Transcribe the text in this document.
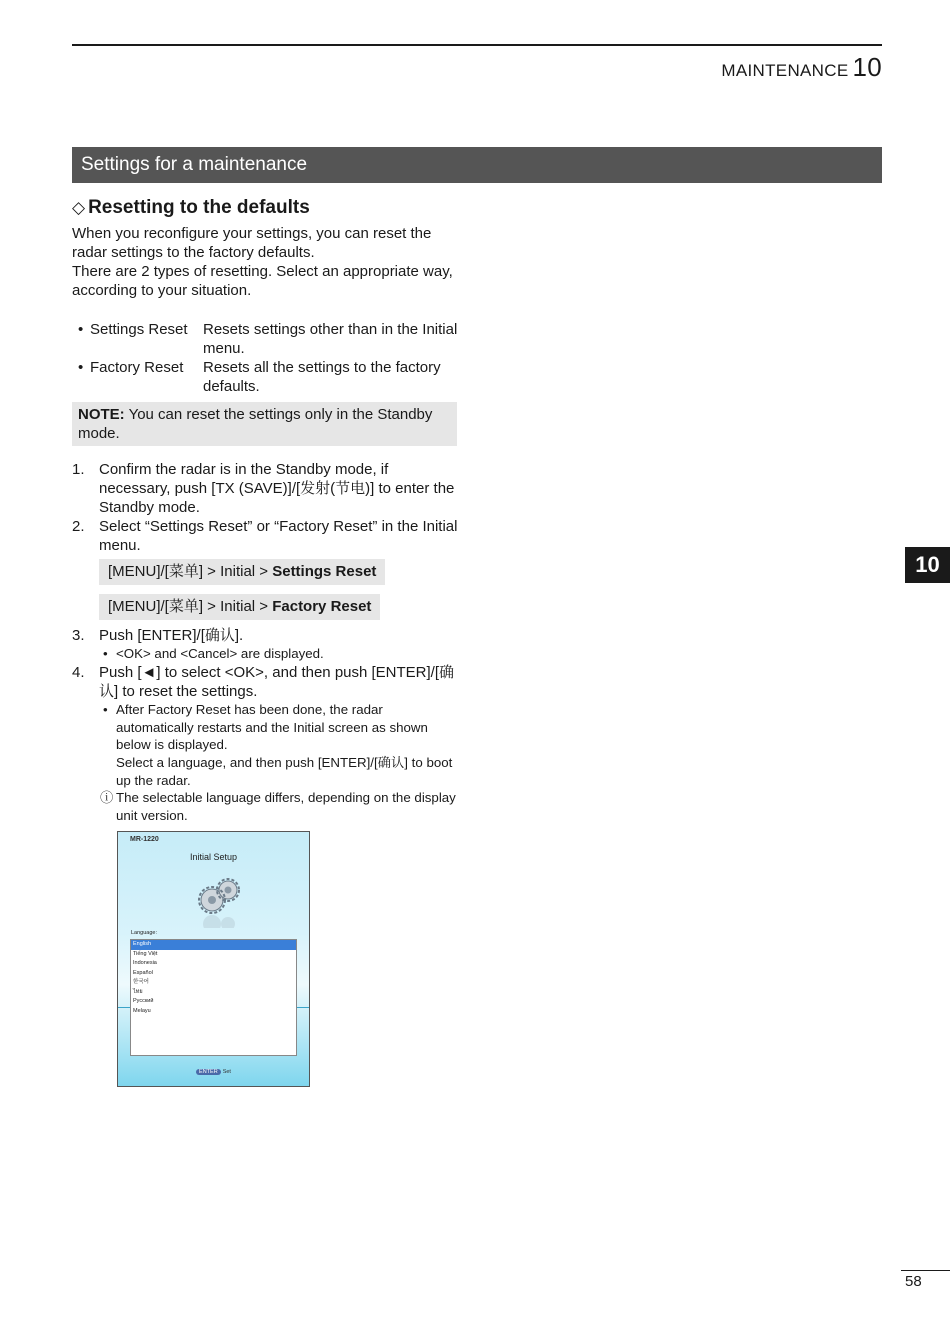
MAINTENANCE 10
Settings for a maintenance
◇ Resetting to the defaults
When you reconfigure your settings, you can reset the radar settings to the factory defaults.
There are 2 types of resetting. Select an appropriate way, according to your situation.
• Settings Reset	Resets settings other than in the Initial menu.
• Factory Reset	Resets all the settings to the factory defaults.
NOTE: You can reset the settings only in the Standby mode.
1. Confirm the radar is in the Standby mode, if necessary, push [TX (SAVE)]/[发射(节电)] to enter the Standby mode.
2. Select “Settings Reset” or “Factory Reset” in the Initial menu.
[MENU]/[菜单] > Initial > Settings Reset
[MENU]/[菜单] > Initial > Factory Reset
3. Push [ENTER]/[确认].
• <OK> and <Cancel> are displayed.
4. Push [◄] to select <OK>, and then push [ENTER]/[确认] to reset the settings.
• After Factory Reset has been done, the radar automatically restarts and the Initial screen as shown below is displayed.
Select a language, and then push [ENTER]/[确认] to boot up the radar.
ⓘ The selectable language differs, depending on the display unit version.
MR-1220
Initial Setup
Language:
English
Tiếng Việt
Indonesia
Español
한국어
ไทย
Русский
Melayu
ENTER Set
10
58
